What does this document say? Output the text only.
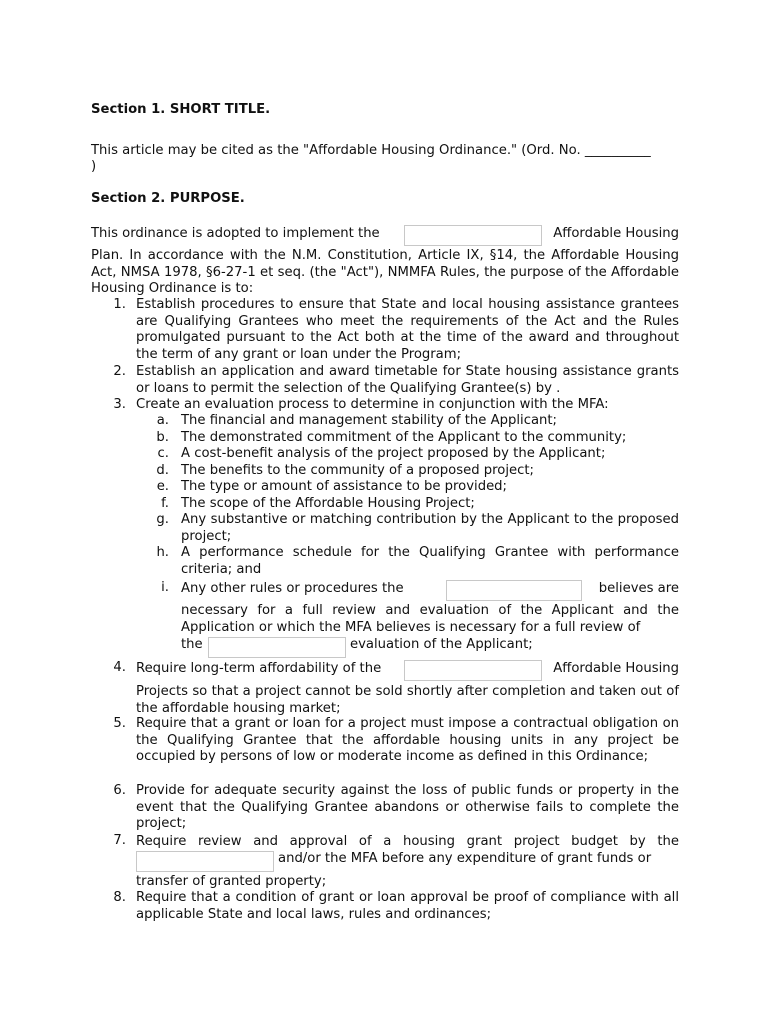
Section 1. SHORT TITLE.
This article may be cited as the "Affordable Housing Ordinance." (Ord. No. __________
)
Section 2. PURPOSE.
This ordinance is adopted to implement the	Affordable Housing
Plan. In accordance with the N.M. Constitution, Article IX, §14, the Affordable Housing Act, NMSA 1978, §6-27-1 et seq. (the "Act"), NMMFA Rules, the purpose of the Affordable Housing Ordinance is to:
1. Establish procedures to ensure that State and local housing assistance grantees are Qualifying Grantees who meet the requirements of the Act and the Rules promulgated pursuant to the Act both at the time of the award and throughout the term of any grant or loan under the Program;
2. Establish an application and award timetable for State housing assistance grants or loans to permit the selection of the Qualifying Grantee(s) by .
3. Create an evaluation process to determine in conjunction with the MFA:
a. The financial and management stability of the Applicant;
b. The demonstrated commitment of the Applicant to the community;
c. A cost-benefit analysis of the project proposed by the Applicant;
d. The benefits to the community of a proposed project;
e. The type or amount of assistance to be provided;
f. The scope of the Affordable Housing Project;
g. Any substantive or matching contribution by the Applicant to the proposed project;
h. A performance schedule for the Qualifying Grantee with performance criteria; and
i. Any other rules or procedures the	believes are
necessary for a full review and evaluation of the Applicant and the Application or which the MFA believes is necessary for a full review of
the	evaluation of the Applicant;
4. Require long-term affordability of the	Affordable Housing
Projects so that a project cannot be sold shortly after completion and taken out of the affordable housing market;
5. Require that a grant or loan for a project must impose a contractual obligation on the Qualifying Grantee that the affordable housing units in any project be occupied by persons of low or moderate income as defined in this Ordinance;
6. Provide for adequate security against the loss of public funds or property in the event that the Qualifying Grantee abandons or otherwise fails to complete the project;
7. Require review and approval of a housing grant project budget by the
and/or the MFA before any expenditure of grant funds or
transfer of granted property;
8. Require that a condition of grant or loan approval be proof of compliance with all applicable State and local laws, rules and ordinances;
